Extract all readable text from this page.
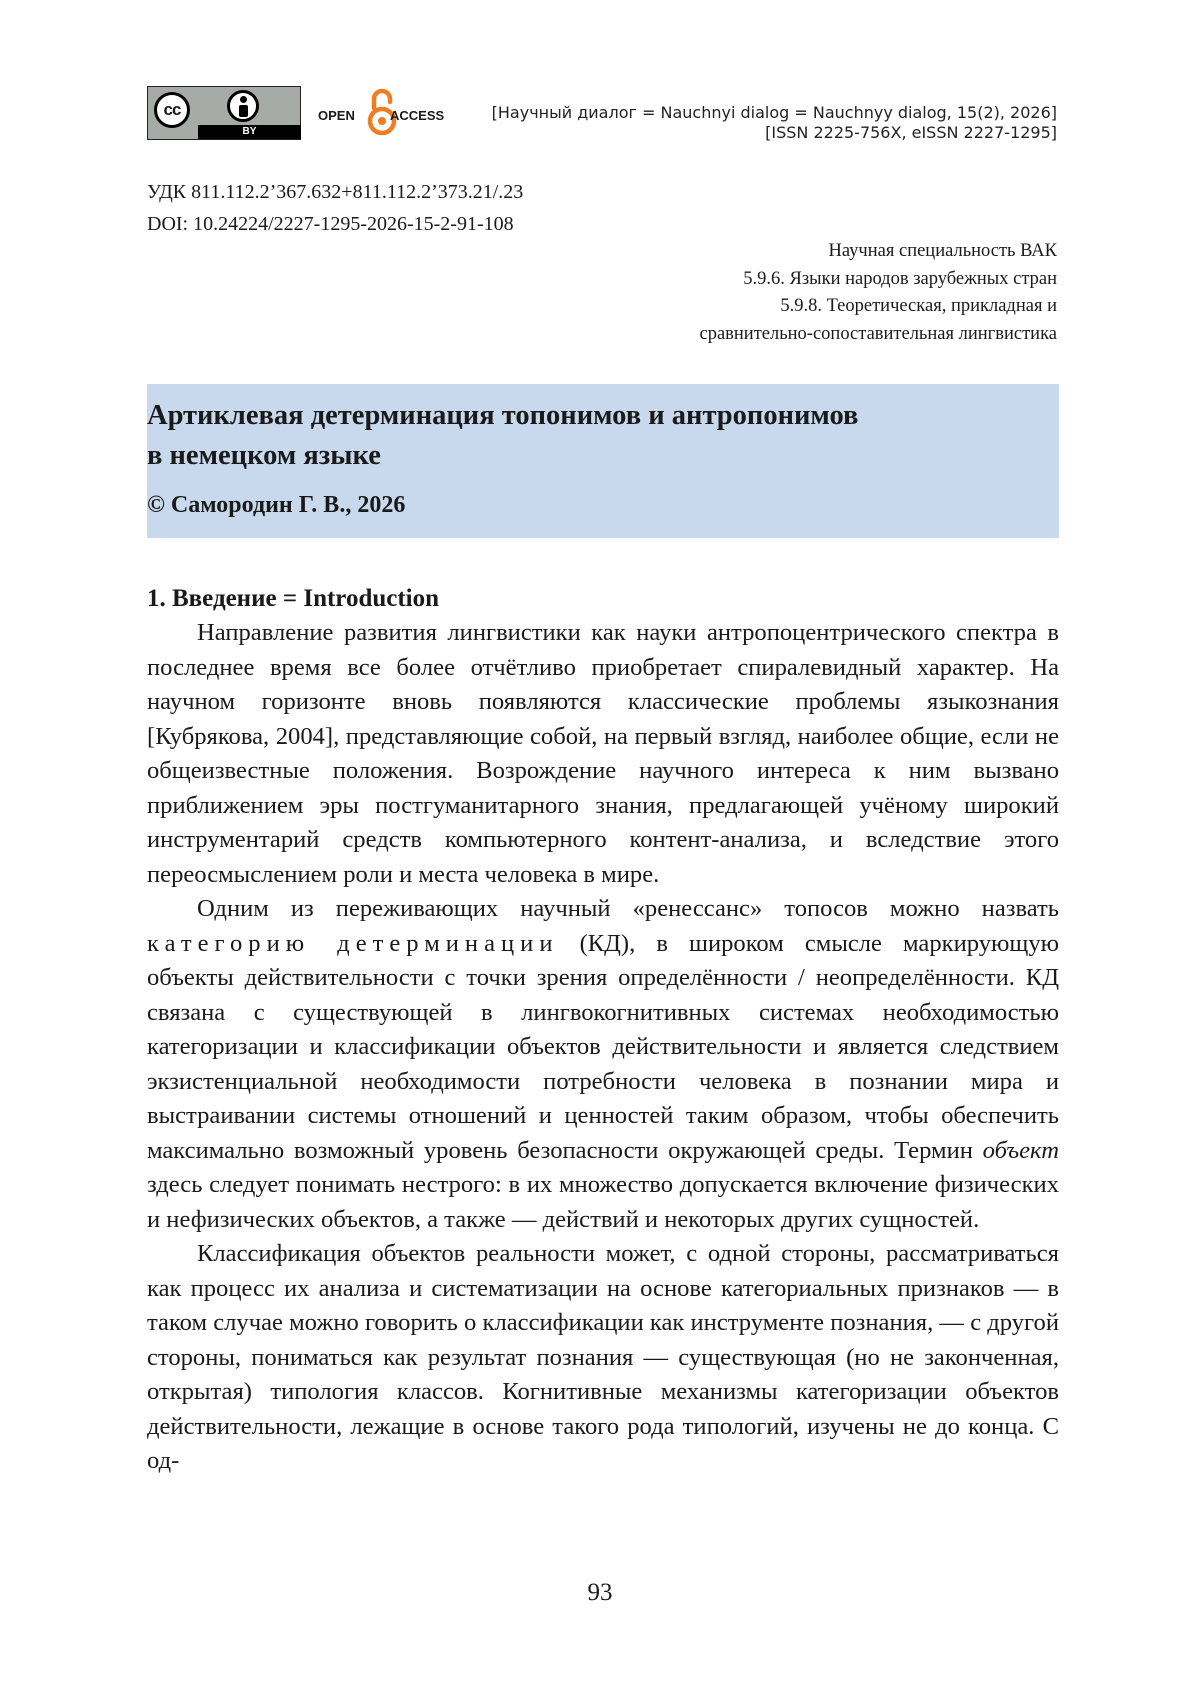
cc
BY
OPEN	ACCESS	[Научный диалог = Nauchnyi dialog = Nauchnyy dialog, 15(2), 2026]
[ISSN 2225-756X, eISSN 2227-1295]
УДК 811.112.2’367.632+811.112.2’373.21/.23
DOI: 10.24224/2227-1295-2026-15-2-91-108
Научная специальность ВАК
5.9.6. Языки народов зарубежных стран
5.9.8. Теоретическая, прикладная и
сравнительно-сопоставительная лингвистика
Артиклевая детерминация топонимов и антропонимов
в немецком языке
© Самородин Г. В., 2026
1. Введение = Introduction

Направление развития лингвистики как науки антропоцентрического спектра в последнее время все более отчётливо приобретает спиралевидный характер. На научном горизонте вновь появляются классические проблемы языкознания [Кубрякова, 2004], представляющие собой, на первый взгляд, наиболее общие, если не общеизвестные положения. Возрождение научного интереса к ним вызвано приближением эры постгуманитарного знания, предлагающей учёному широкий инструментарий средств компьютерного контент-анализа, и вследствие этого переосмыслением роли и места человека в мире.

Одним из переживающих научный «ренессанс» топосов можно назвать категорию детерминации (КД), в широком смысле маркирующую объекты действительности с точки зрения определённости / неопределённости. КД связана с существующей в лингвокогнитивных системах необходимостью категоризации и классификации объектов действительности и является следствием экзистенциальной необходимости потребности человека в познании мира и выстраивании системы отношений и ценностей таким образом, чтобы обеспечить максимально возможный уровень безопасности окружающей среды. Термин объект здесь следует понимать нестрого: в их множество допускается включение физических и нефизических объектов, а также — действий и некоторых других сущностей.

Классификация объектов реальности может, с одной стороны, рассматриваться как процесс их анализа и систематизации на основе категориальных признаков — в таком случае можно говорить о классификации как инструменте познания, — с другой стороны, пониматься как результат познания — существующая (но не законченная, открытая) типология классов. Когнитивные механизмы категоризации объектов действительности, лежащие в основе такого рода типологий, изучены не до конца. С од-

93
